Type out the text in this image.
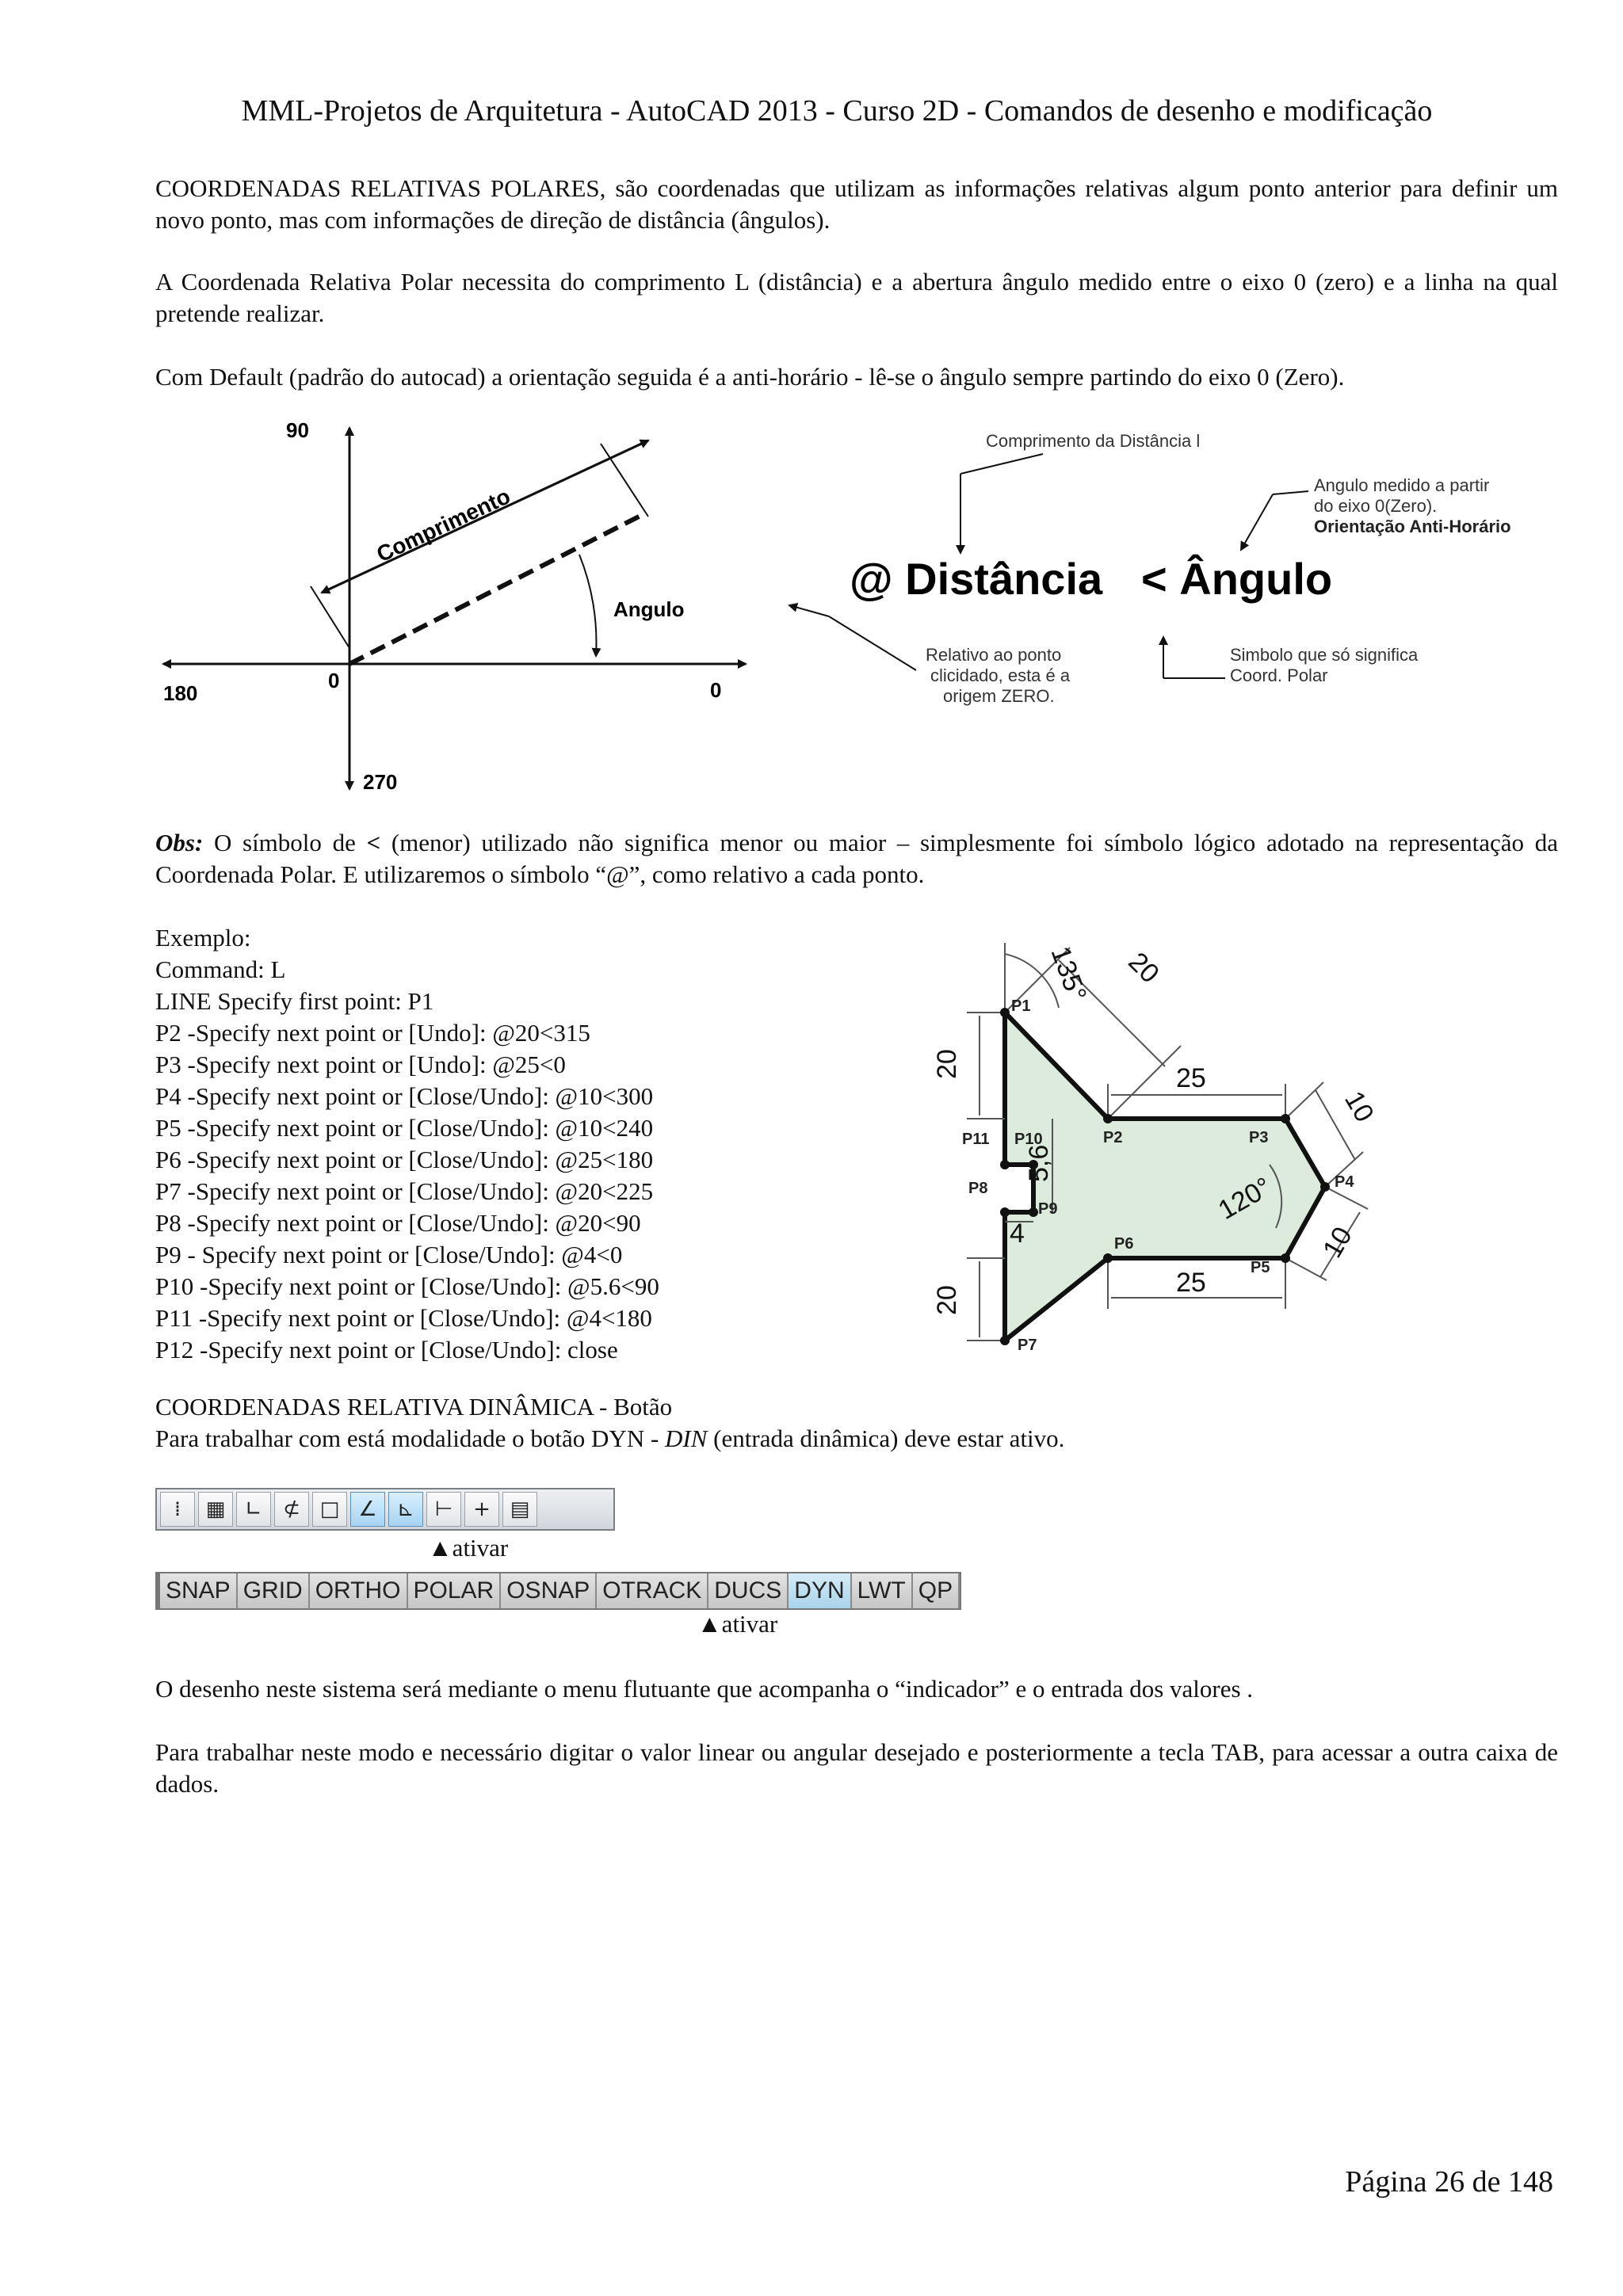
MML-Projetos de Arquitetura - AutoCAD 2013 - Curso 2D - Comandos de desenho e modificação
COORDENADAS RELATIVAS POLARES, são coordenadas que utilizam as informações relativas algum ponto anterior para definir um novo ponto, mas com informações de direção de distância (ângulos).
A Coordenada Relativa Polar necessita do comprimento L (distância) e a abertura ângulo medido entre o eixo 0 (zero) e a linha na qual pretende realizar.
Com Default (padrão do autocad) a orientação seguida é a anti-horário - lê-se o ângulo sempre partindo do eixo 0 (Zero).
90
270
180	0
0
Comprimento
Angulo
@ Distância < Ângulo
Comprimento da Distância l
Angulo medido a partir
do eixo 0(Zero).
Orientação Anti-Horário
Relativo ao ponto
clicidado, esta é a
origem ZERO.
Simbolo que só significa
Coord. Polar
Obs: O símbolo de < (menor) utilizado não significa menor ou maior – simplesmente foi símbolo lógico adotado na representação da Coordenada Polar. E utilizaremos o símbolo “@”, como relativo a cada ponto.
Exemplo:
Command: L
LINE Specify first point: P1
P2 -Specify next point or [Undo]: @20<315
P3 -Specify next point or [Undo]: @25<0
P4 -Specify next point or [Close/Undo]: @10<300
P5 -Specify next point or [Close/Undo]: @10<240
P6 -Specify next point or [Close/Undo]: @25<180
P7 -Specify next point or [Close/Undo]: @20<225
P8 -Specify next point or [Close/Undo]: @20<90
P9 - Specify next point or [Close/Undo]: @4<0
P10 -Specify next point or [Close/Undo]: @5.6<90
P11 -Specify next point or [Close/Undo]: @4<180
P12 -Specify next point or [Close/Undo]: close
P1
P2	P3
P4
P5
P6
P7
P8
P9
P10
P11
20
135°
25
20
5,6
10
120°
10
4
20
25
COORDENADAS RELATIVA DINÂMICA - Botão
Para trabalhar com está modalidade o botão DYN - DIN (entrada dinâmica) deve estar ativo.
⁞	▦ ∟	⊄ □ ∠ ⊾ ⊢ + ▤
▲ativar
SNAP GRID ORTHO POLAR OSNAP OTRACK DUCS DYN LWT QP
▲ativar
O desenho neste sistema será mediante o menu flutuante que acompanha o “indicador” e o entrada dos valores .
Para trabalhar neste modo e necessário digitar o valor linear ou angular desejado e posteriormente a tecla TAB, para acessar a outra caixa de dados.
Página 26 de 148
